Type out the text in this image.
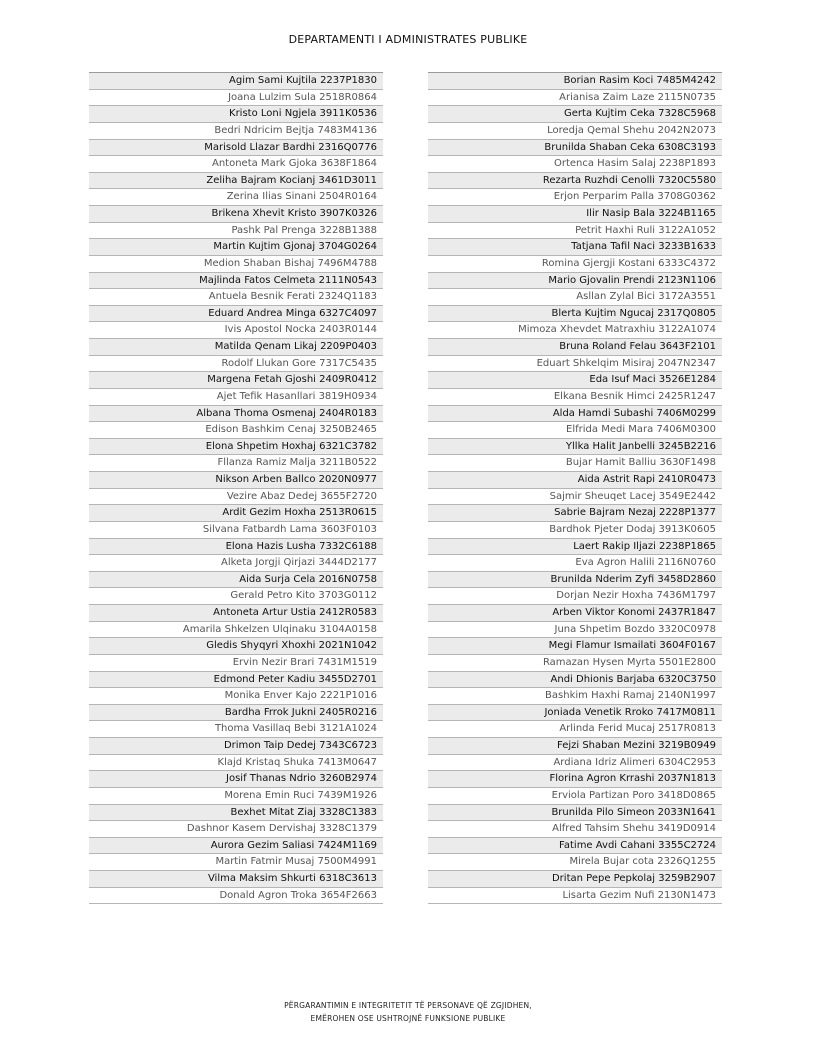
DEPARTAMENTI I ADMINISTRATES PUBLIKE
Agim Sami Kujtila 2237P1830
Joana Lulzim Sula 2518R0864
Kristo Loni Ngjela 3911K0536
Bedri Ndricim Bejtja 7483M4136
Marisold Llazar Bardhi 2316Q0776
Antoneta Mark Gjoka 3638F1864
Zeliha Bajram Kocianj 3461D3011
Zerina Ilias Sinani 2504R0164
Brikena Xhevit Kristo 3907K0326
Pashk Pal Prenga 3228B1388
Martin Kujtim Gjonaj 3704G0264
Medion Shaban Bishaj 7496M4788
Majlinda Fatos Celmeta 2111N0543
Antuela Besnik Ferati 2324Q1183
Eduard Andrea Minga 6327C4097
Ivis Apostol Nocka 2403R0144
Matilda Qenam Likaj 2209P0403
Rodolf Llukan Gore 7317C5435
Margena Fetah Gjoshi 2409R0412
Ajet Tefik Hasanllari 3819H0934
Albana Thoma Osmenaj 2404R0183
Edison Bashkim Cenaj 3250B2465
Elona Shpetim Hoxhaj 6321C3782
Fllanza Ramiz Malja 3211B0522
Nikson Arben Ballco 2020N0977
Vezire Abaz Dedej 3655F2720
Ardit Gezim Hoxha 2513R0615
Silvana Fatbardh Lama 3603F0103
Elona Hazis Lusha 7332C6188
Alketa Jorgji Qirjazi 3444D2177
Aida Surja Cela 2016N0758
Gerald Petro Kito 3703G0112
Antoneta Artur Ustia 2412R0583
Amarila Shkelzen Ulqinaku 3104A0158
Gledis Shyqyri Xhoxhi 2021N1042
Ervin Nezir Brari 7431M1519
Edmond Peter Kadiu 3455D2701
Monika Enver Kajo 2221P1016
Bardha Frrok Jukni 2405R0216
Thoma Vasillaq Bebi 3121A1024
Drimon Taip Dedej 7343C6723
Klajd Kristaq Shuka 7413M0647
Josif Thanas Ndrio 3260B2974
Morena Emin Ruci 7439M1926
Bexhet Mitat Ziaj 3328C1383
Dashnor Kasem Dervishaj 3328C1379
Aurora Gezim Saliasi 7424M1169
Martin Fatmir Musaj 7500M4991
Vilma Maksim Shkurti 6318C3613
Donald Agron Troka 3654F2663
Borian Rasim Koci 7485M4242
Arianisa Zaim Laze 2115N0735
Gerta Kujtim Ceka 7328C5968
Loredja Qemal Shehu 2042N2073
Brunilda Shaban Ceka 6308C3193
Ortenca Hasim Salaj 2238P1893
Rezarta Ruzhdi Cenolli 7320C5580
Erjon Perparim Palla 3708G0362
Ilir Nasip Bala 3224B1165
Petrit Haxhi Ruli 3122A1052
Tatjana Tafil Naci 3233B1633
Romina Gjergji Kostani 6333C4372
Mario Gjovalin Prendi 2123N1106
Asllan Zylal Bici 3172A3551
Blerta Kujtim Ngucaj 2317Q0805
Mimoza Xhevdet Matraxhiu 3122A1074
Bruna Roland Felau 3643F2101
Eduart Shkelqim Misiraj 2047N2347
Eda Isuf Maci 3526E1284
Elkana Besnik Himci 2425R1247
Alda Hamdi Subashi 7406M0299
Elfrida Medi Mara 7406M0300
Yllka Halit Janbelli 3245B2216
Bujar Hamit Balliu 3630F1498
Aida Astrit Rapi 2410R0473
Sajmir Sheuqet Lacej 3549E2442
Sabrie Bajram Nezaj 2228P1377
Bardhok Pjeter Dodaj 3913K0605
Laert Rakip Iljazi 2238P1865
Eva Agron Halili 2116N0760
Brunilda Nderim Zyfi 3458D2860
Dorjan Nezir Hoxha 7436M1797
Arben Viktor Konomi 2437R1847
Juna Shpetim Bozdo 3320C0978
Megi Flamur Ismailati 3604F0167
Ramazan Hysen Myrta 5501E2800
Andi Dhionis Barjaba 6320C3750
Bashkim Haxhi Ramaj 2140N1997
Joniada Venetik Rroko 7417M0811
Arlinda Ferid Mucaj 2517R0813
Fejzi Shaban Mezini 3219B0949
Ardiana Idriz Alimeri 6304C2953
Florina Agron Krrashi 2037N1813
Erviola Partizan Poro 3418D0865
Brunilda Pilo Simeon 2033N1641
Alfred Tahsim Shehu 3419D0914
Fatime Avdi Cahani 3355C2724
Mirela Bujar cota 2326Q1255
Dritan Pepe Pepkolaj 3259B2907
Lisarta Gezim Nufi 2130N1473
PËRGARANTIMIN E INTEGRITETIT TË PERSONAVE QË ZGJIDHEN,
EMËROHEN OSE USHTROJNË FUNKSIONE PUBLIKE
